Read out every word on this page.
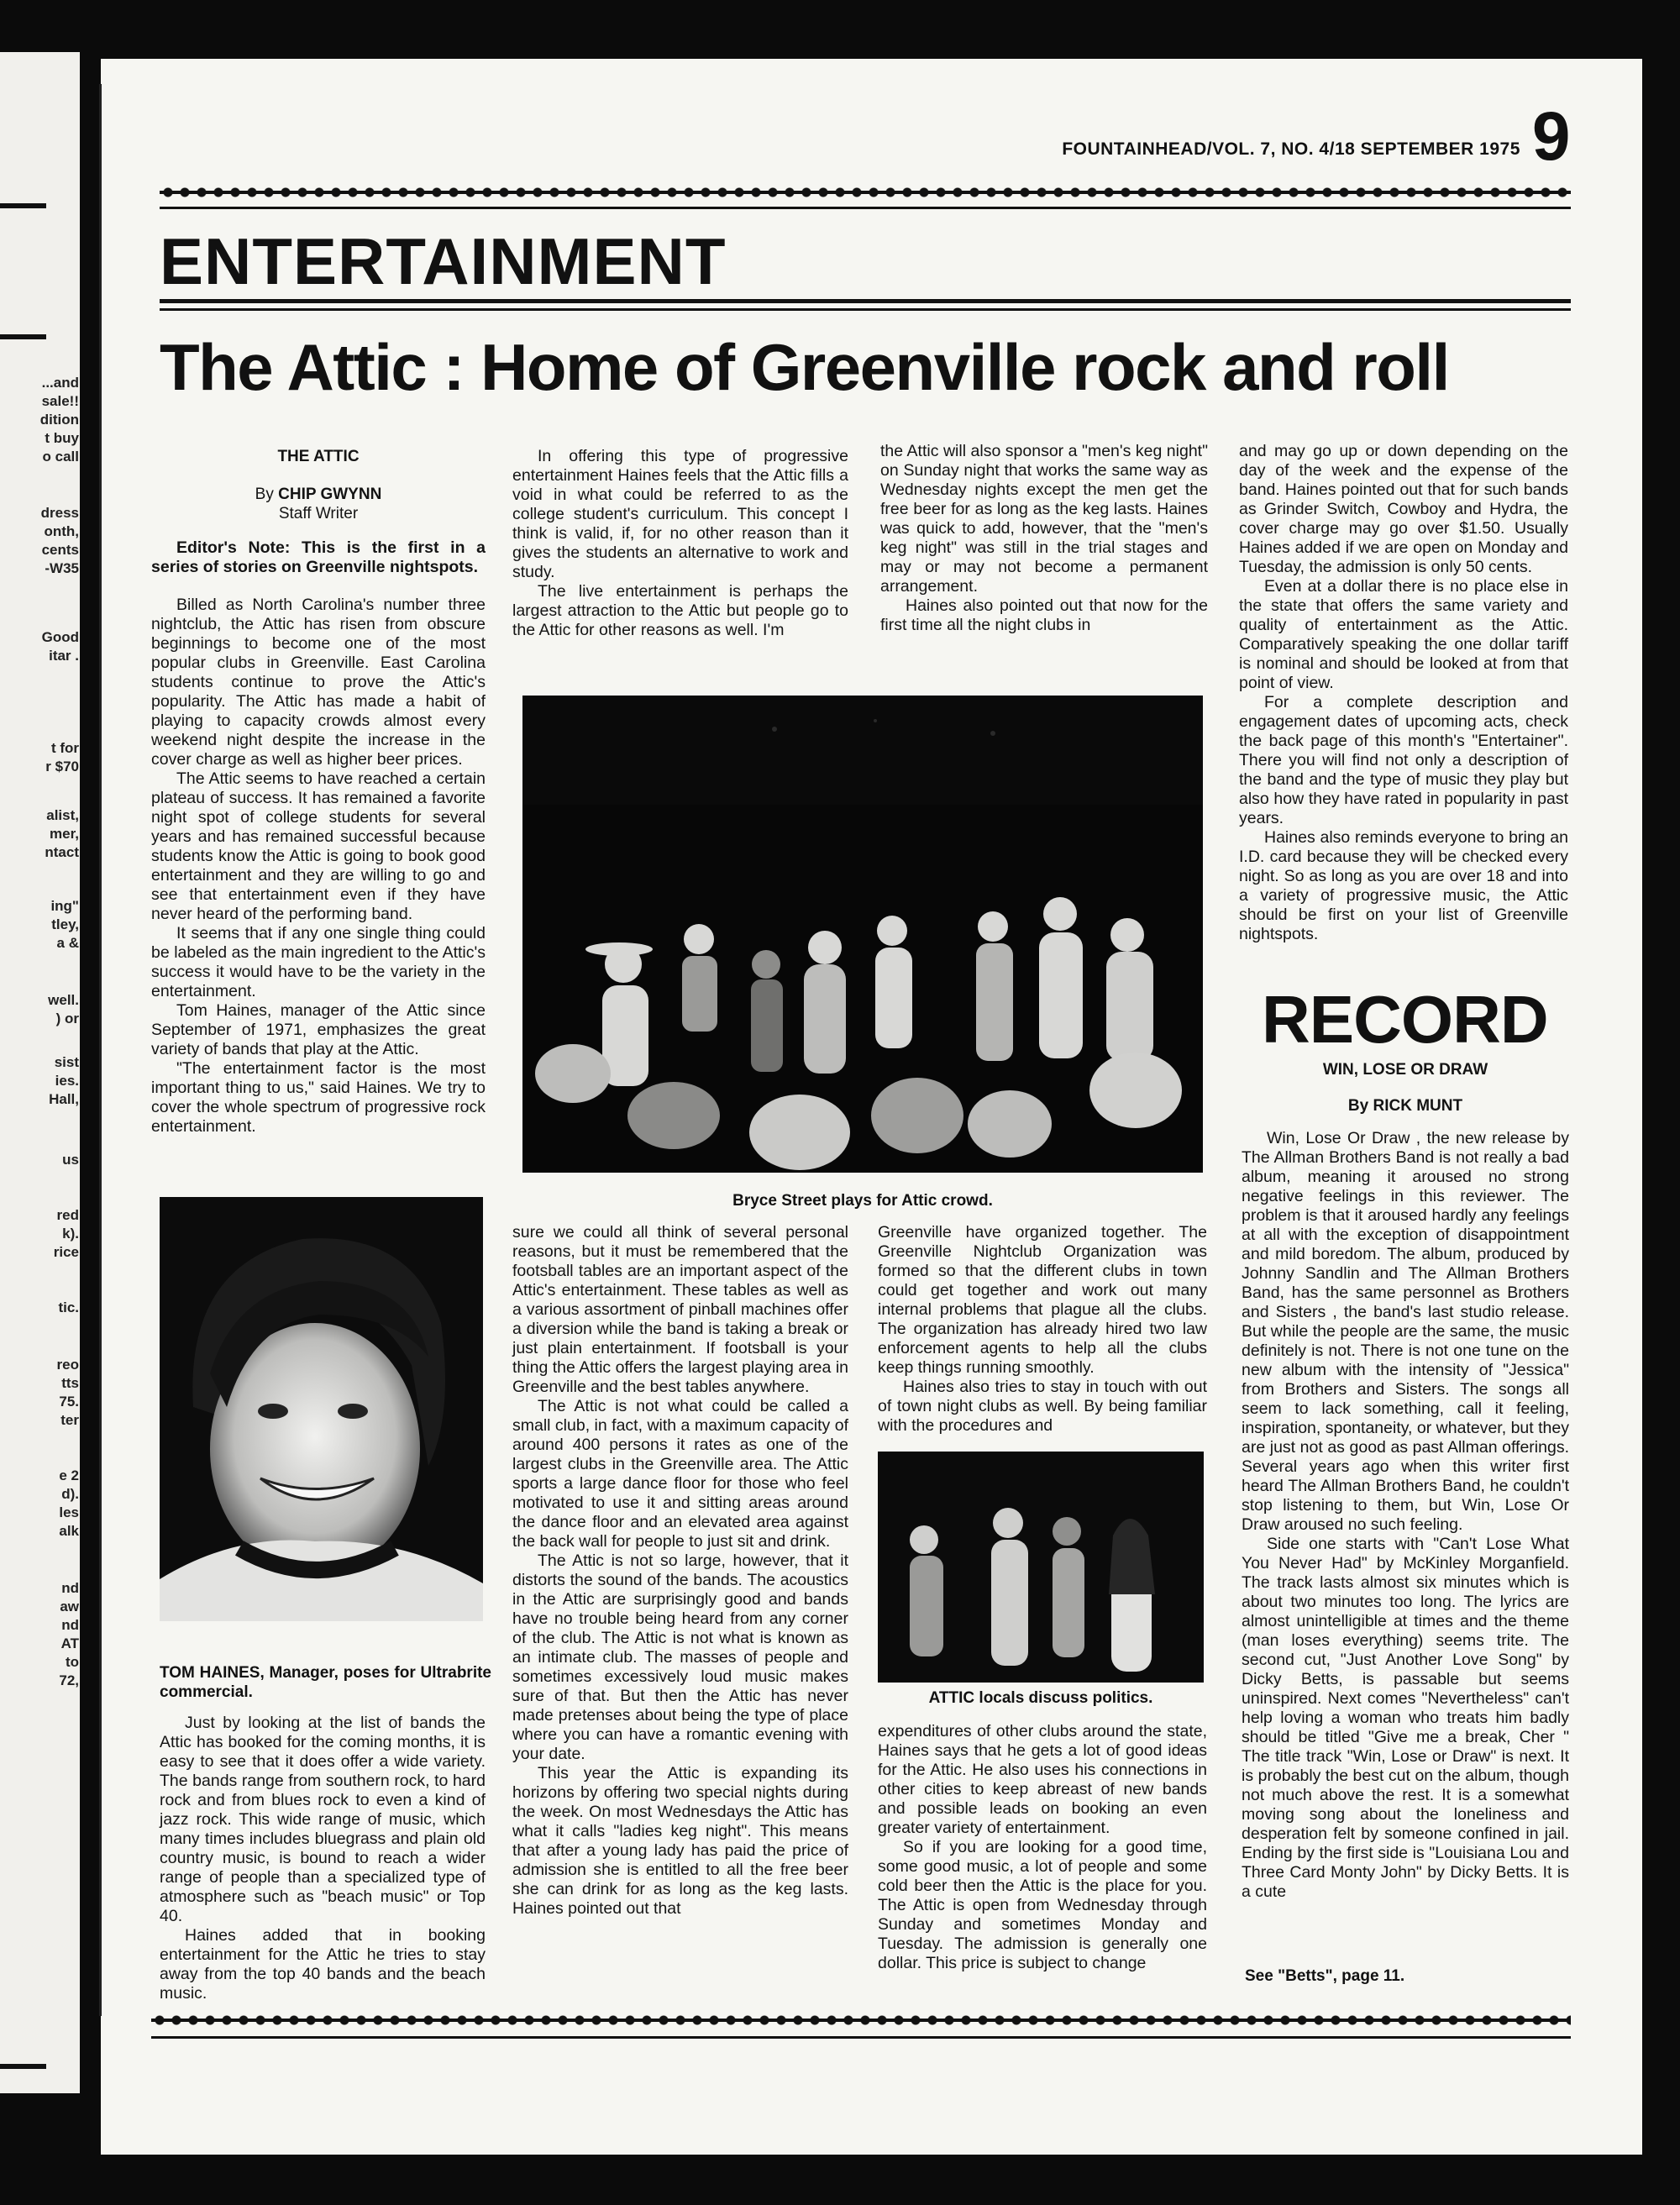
...and
sale!!
dition
t buy
o call
dress
onth,
cents
-W35
Good
itar .
t for
r $70
alist,
mer,
ntact
ing"
tley,
a &
well.
) or
sist
ies.
Hall,
us
red
k).
rice
tic.
reo
tts
75.
ter
e 2
d).
les
alk
nd
aw
nd
AT
to
72,
FOUNTAINHEAD/VOL. 7, NO. 4/18 SEPTEMBER 1975 9
ENTERTAINMENT
The Attic : Home of Greenville rock and roll
THE ATTIC
By CHIP GWYNN
Staff Writer

Editor's Note: This is the first in a series of stories on Greenville nightspots.

Billed as North Carolina's number three nightclub, the Attic has risen from obscure beginnings to become one of the most popular clubs in Greenville. East Carolina students continue to prove the Attic's popularity. The Attic has made a habit of playing to capacity crowds almost every weekend night despite the increase in the cover charge as well as higher beer prices.

The Attic seems to have reached a certain plateau of success. It has remained a favorite night spot of college students for several years and has remained successful because students know the Attic is going to book good entertainment and they are willing to go and see that entertainment even if they have never heard of the performing band.

It seems that if any one single thing could be labeled as the main ingredient to the Attic's success it would have to be the variety in the entertainment.

Tom Haines, manager of the Attic since September of 1971, emphasizes the great variety of bands that play at the Attic.

"The entertainment factor is the most important thing to us," said Haines. We try to cover the whole spectrum of progressive rock entertainment.

TOM HAINES, Manager, poses for Ultrabrite commercial.

Just by looking at the list of bands the Attic has booked for the coming months, it is easy to see that it does offer a wide variety. The bands range from southern rock, to hard rock and from blues rock to even a kind of jazz rock. This wide range of music, which many times includes bluegrass and plain old country music, is bound to reach a wider range of people than a specialized type of atmosphere such as "beach music" or Top 40.

Haines added that in booking entertainment for the Attic he tries to stay away from the top 40 bands and the beach music.

In offering this type of progressive entertainment Haines feels that the Attic fills a void in what could be referred to as the college student's curriculum. This concept I think is valid, if, for no other reason than it gives the students an alternative to work and study.

The live entertainment is perhaps the largest attraction to the Attic but people go to the Attic for other reasons as well. I'm

the Attic will also sponsor a "men's keg night" on Sunday night that works the same way as Wednesday nights except the men get the free beer for as long as the keg lasts. Haines was quick to add, however, that the "men's keg night" was still in the trial stages and may or may not become a permanent arrangement.

Haines also pointed out that now for the first time all the night clubs in

Bryce Street plays for Attic crowd.

sure we could all think of several personal reasons, but it must be remembered that the footsball tables are an important aspect of the Attic's entertainment. These tables as well as a various assortment of pinball machines offer a diversion while the band is taking a break or just plain entertainment. If footsball is your thing the Attic offers the largest playing area in Greenville and the best tables anywhere.

The Attic is not what could be called a small club, in fact, with a maximum capacity of around 400 persons it rates as one of the largest clubs in the Greenville area. The Attic sports a large dance floor for those who feel motivated to use it and sitting areas around the dance floor and an elevated area against the back wall for people to just sit and drink.

The Attic is not so large, however, that it distorts the sound of the bands. The acoustics in the Attic are surprisingly good and bands have no trouble being heard from any corner of the club. The Attic is not what is known as an intimate club. The masses of people and sometimes excessively loud music makes sure of that. But then the Attic has never made pretenses about being the type of place where you can have a romantic evening with your date.

This year the Attic is expanding its horizons by offering two special nights during the week. On most Wednesdays the Attic has what it calls "ladies keg night". This means that after a young lady has paid the price of admission she is entitled to all the free beer she can drink for as long as the keg lasts. Haines pointed out that

Greenville have organized together. The Greenville Nightclub Organization was formed so that the different clubs in town could get together and work out many internal problems that plague all the clubs. The organization has already hired two law enforcement agents to help all the clubs keep things running smoothly.

Haines also tries to stay in touch with out of town night clubs as well. By being familiar with the procedures and

ATTIC locals discuss politics.

expenditures of other clubs around the state, Haines says that he gets a lot of good ideas for the Attic. He also uses his connections in other cities to keep abreast of new bands and possible leads on booking an even greater variety of entertainment.

So if you are looking for a good time, some good music, a lot of people and some cold beer then the Attic is the place for you. The Attic is open from Wednesday through Sunday and sometimes Monday and Tuesday. The admission is generally one dollar. This price is subject to change

and may go up or down depending on the day of the week and the expense of the band. Haines pointed out that for such bands as Grinder Switch, Cowboy and Hydra, the cover charge may go over $1.50. Usually Haines added if we are open on Monday and Tuesday, the admission is only 50 cents.

Even at a dollar there is no place else in the state that offers the same variety and quality of entertainment as the Attic. Comparatively speaking the one dollar tariff is nominal and should be looked at from that point of view.

For a complete description and engagement dates of upcoming acts, check the back page of this month's "Entertainer". There you will find not only a description of the band and the type of music they play but also how they have rated in popularity in past years.

Haines also reminds everyone to bring an I.D. card because they will be checked every night. So as long as you are over 18 and into a variety of progressive music, the Attic should be first on your list of Greenville nightspots.

RECORD
WIN, LOSE OR DRAW
By RICK MUNT

Win, Lose Or Draw , the new release by The Allman Brothers Band is not really a bad album, meaning it aroused no strong negative feelings in this reviewer. The problem is that it aroused hardly any feelings at all with the exception of disappointment and mild boredom. The album, produced by Johnny Sandlin and The Allman Brothers Band, has the same personnel as Brothers and Sisters , the band's last studio release. But while the people are the same, the music definitely is not. There is not one tune on the new album with the intensity of "Jessica" from Brothers and Sisters. The songs all seem to lack something, call it feeling, inspiration, spontaneity, or whatever, but they are just not as good as past Allman offerings. Several years ago when this writer first heard The Allman Brothers Band, he couldn't stop listening to them, but Win, Lose Or Draw aroused no such feeling.

Side one starts with "Can't Lose What You Never Had" by McKinley Morganfield. The track lasts almost six minutes which is about two minutes too long. The lyrics are almost unintelligible at times and the theme (man loses everything) seems trite. The second cut, "Just Another Love Song" by Dicky Betts, is passable but seems uninspired. Next comes "Nevertheless" can't help loving a woman who treats him badly should be titled "Give me a break, Cher " The title track "Win, Lose or Draw" is next. It is probably the best cut on the album, though not much above the rest. It is a somewhat moving song about the loneliness and desperation felt by someone confined in jail. Ending by the first side is "Louisiana Lou and Three Card Monty John" by Dicky Betts. It is a cute

See "Betts", page 11.
